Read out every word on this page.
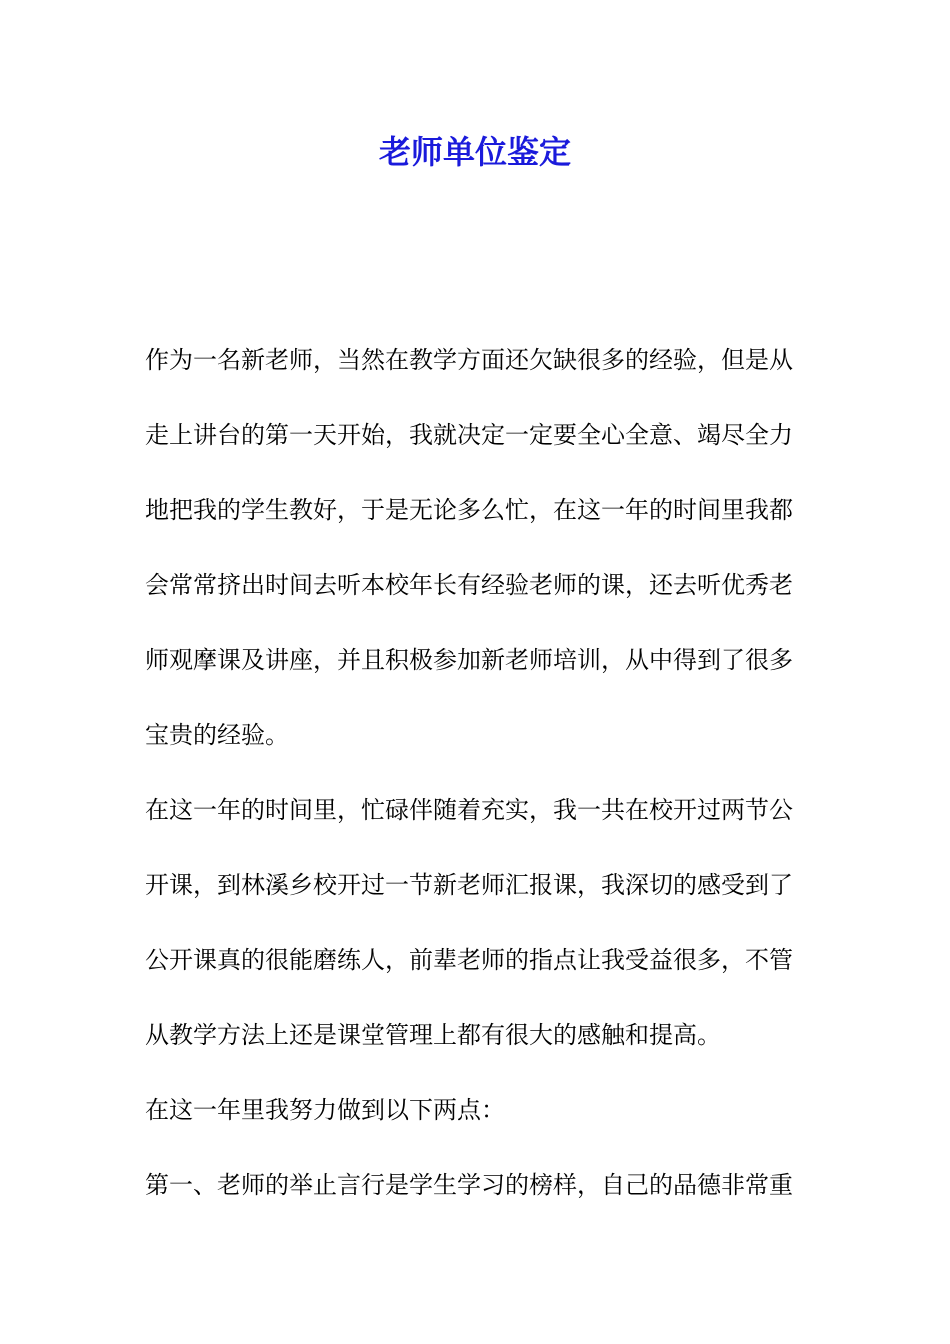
老师单位鉴定
作为一名新老师，当然在教学方面还欠缺很多的经验，但是从
走上讲台的第一天开始，我就决定一定要全心全意、竭尽全力
地把我的学生教好，于是无论多么忙，在这一年的时间里我都
会常常挤出时间去听本校年长有经验老师的课，还去听优秀老
师观摩课及讲座，并且积极参加新老师培训，从中得到了很多
宝贵的经验。
在这一年的时间里，忙碌伴随着充实，我一共在校开过两节公
开课，到林溪乡校开过一节新老师汇报课，我深切的感受到了
公开课真的很能磨练人，前辈老师的指点让我受益很多，不管
从教学方法上还是课堂管理上都有很大的感触和提高。
在这一年里我努力做到以下两点：
第一、老师的举止言行是学生学习的榜样，自己的品德非常重
